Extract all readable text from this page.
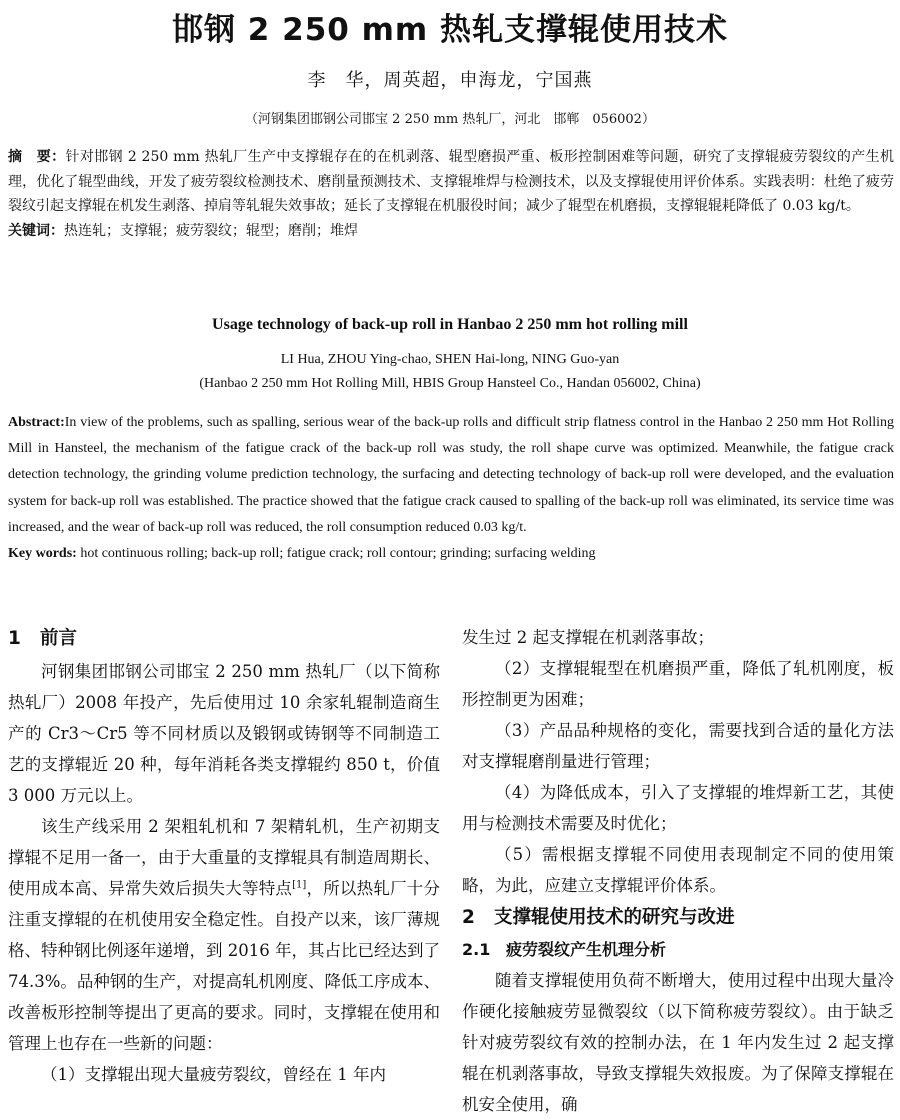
邯钢 2 250 mm 热轧支撑辊使用技术
李　华，周英超，申海龙，宁国燕
（河钢集团邯钢公司邯宝 2 250 mm 热轧厂，河北　邯郸　056002）

摘　要：针对邯钢 2 250 mm 热轧厂生产中支撑辊存在的在机剥落、辊型磨损严重、板形控制困难等问题，研究了支撑辊疲劳裂纹的产生机理，优化了辊型曲线，开发了疲劳裂纹检测技术、磨削量预测技术、支撑辊堆焊与检测技术，以及支撑辊使用评价体系。实践表明：杜绝了疲劳裂纹引起支撑辊在机发生剥落、掉肩等轧辊失效事故；延长了支撑辊在机服役时间；减少了辊型在机磨损，支撑辊辊耗降低了 0.03 kg/t。

关键词：热连轧；支撑辊；疲劳裂纹；辊型；磨削；堆焊

Usage technology of back-up roll in Hanbao 2 250 mm hot rolling mill
LI Hua, ZHOU Ying-chao, SHEN Hai-long, NING Guo-yan
(Hanbao 2 250 mm Hot Rolling Mill, HBIS Group Hansteel Co., Handan 056002, China)

Abstract:In view of the problems, such as spalling, serious wear of the back-up rolls and difficult strip flatness control in the Hanbao 2 250 mm Hot Rolling Mill in Hansteel, the mechanism of the fatigue crack of the back-up roll was study, the roll shape curve was optimized. Meanwhile, the fatigue crack detection technology, the grinding volume prediction technology, the surfacing and detecting technology of back-up roll were developed, and the evaluation system for back-up roll was established. The practice showed that the fatigue crack caused to spalling of the back-up roll was eliminated, its service time was increased, and the wear of back-up roll was reduced, the roll consumption reduced 0.03 kg/t.

Key words: hot continuous rolling; back-up roll; fatigue crack; roll contour; grinding; surfacing welding

1 前言

河钢集团邯钢公司邯宝 2 250 mm 热轧厂（以下简称热轧厂）2008 年投产，先后使用过 10 余家轧辊制造商生产的 Cr3～Cr5 等不同材质以及锻钢或铸钢等不同制造工艺的支撑辊近 20 种，每年消耗各类支撑辊约 850 t，价值 3 000 万元以上。

该生产线采用 2 架粗轧机和 7 架精轧机，生产初期支撑辊不足用一备一，由于大重量的支撑辊具有制造周期长、使用成本高、异常失效后损失大等特点[1]，所以热轧厂十分注重支撑辊的在机使用安全稳定性。自投产以来，该厂薄规格、特种钢比例逐年递增，到 2016 年，其占比已经达到了 74.3%。品种钢的生产，对提高轧机刚度、降低工序成本、改善板形控制等提出了更高的要求。同时，支撑辊在使用和管理上也存在一些新的问题：

（1）支撑辊出现大量疲劳裂纹，曾经在 1 年内

发生过 2 起支撑辊在机剥落事故；

（2）支撑辊辊型在机磨损严重，降低了轧机刚度，板形控制更为困难；

（3）产品品种规格的变化，需要找到合适的量化方法对支撑辊磨削量进行管理；

（4）为降低成本，引入了支撑辊的堆焊新工艺，其使用与检测技术需要及时优化；

（5）需根据支撑辊不同使用表现制定不同的使用策略，为此，应建立支撑辊评价体系。

2 支撑辊使用技术的研究与改进
2.1 疲劳裂纹产生机理分析

随着支撑辊使用负荷不断增大，使用过程中出现大量冷作硬化接触疲劳显微裂纹（以下简称疲劳裂纹）。由于缺乏针对疲劳裂纹有效的控制办法，在 1 年内发生过 2 起支撑辊在机剥落事故，导致支撑辊失效报废。为了保障支撑辊在机安全使用，确
